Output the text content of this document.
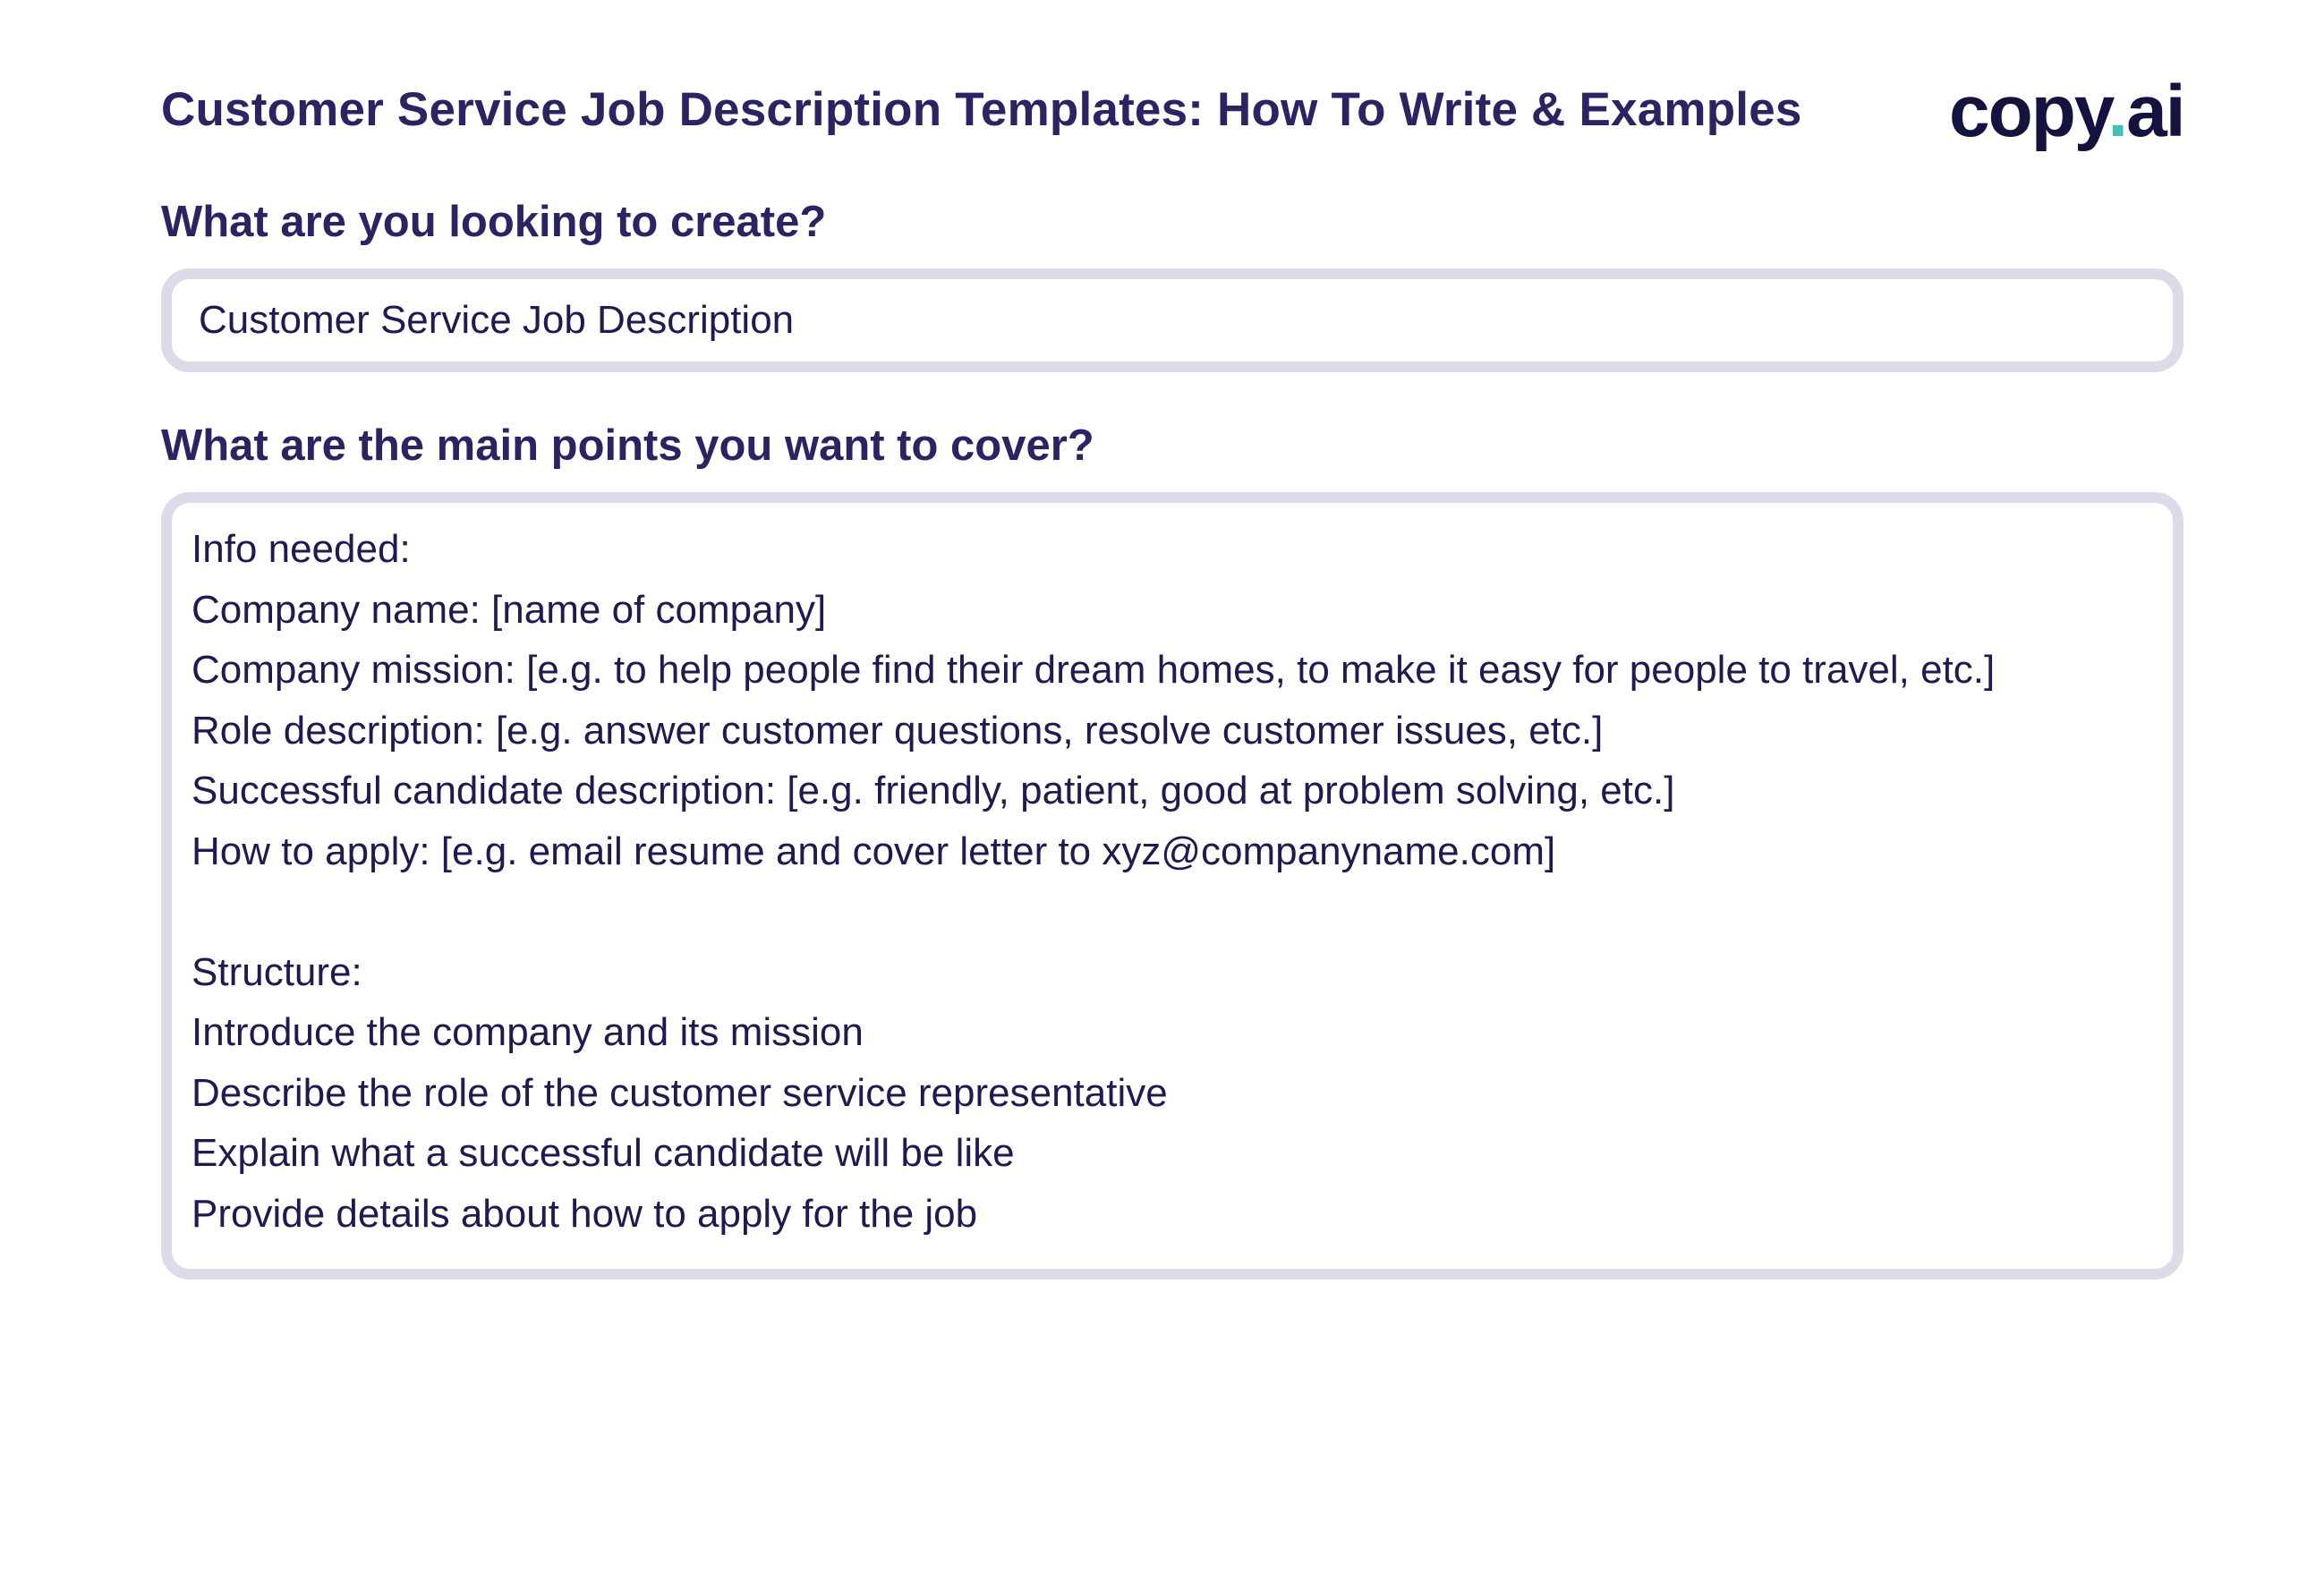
Customer Service Job Description Templates: How To Write & Examples copy.ai
What are you looking to create?
Customer Service Job Description
What are the main points you want to cover?
Info needed:
Company name: [name of company]
Company mission: [e.g. to help people find their dream homes, to make it easy for people to travel, etc.]
Role description: [e.g. answer customer questions, resolve customer issues, etc.]
Successful candidate description: [e.g. friendly, patient, good at problem solving, etc.]
How to apply: [e.g. email resume and cover letter to xyz@companyname.com]
Structure:
Introduce the company and its mission
Describe the role of the customer service representative
Explain what a successful candidate will be like
Provide details about how to apply for the job
